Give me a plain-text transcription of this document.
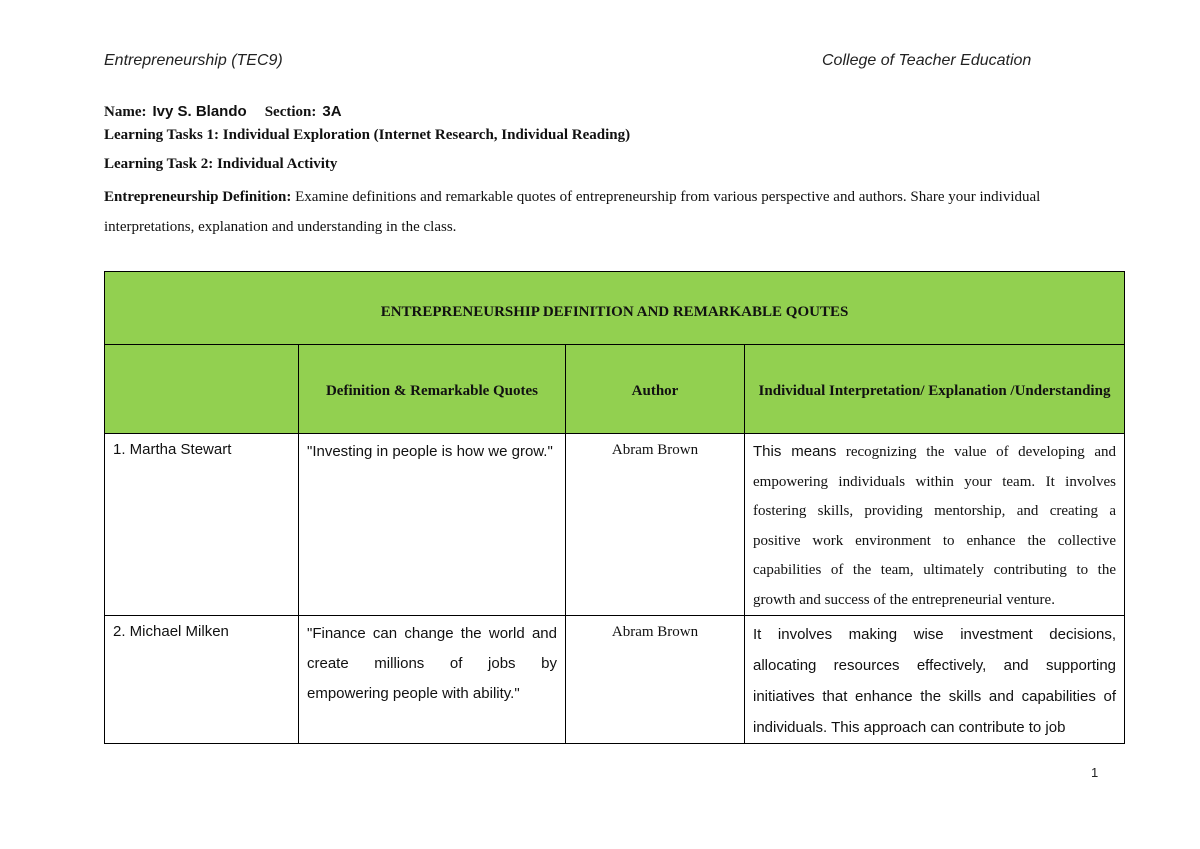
Entrepreneurship (TEC9)	College of Teacher Education
Name: Ivy S. Blando Section: 3A
Learning Tasks 1: Individual Exploration (Internet Research, Individual Reading)
Learning Task 2: Individual Activity
Entrepreneurship Definition: Examine definitions and remarkable quotes of entrepreneurship from various perspective and authors. Share your individual interpretations, explanation and understanding in the class.
ENTREPRENEURSHIP DEFINITION AND REMARKABLE QOUTES			
	Definition & Remarkable Quotes	Author	Individual Interpretation/ Explanation /Understanding
1. Martha Stewart	"Investing in people is how we grow."	Abram Brown	This means recognizing the value of developing and empowering individuals within your team. It involves fostering skills, providing mentorship, and creating a positive work environment to enhance the collective capabilities of the team, ultimately contributing to the growth and success of the entrepreneurial venture.
2. Michael Milken	"Finance can change the world and create millions of jobs by empowering people with ability."	Abram Brown	It involves making wise investment decisions, allocating resources effectively, and supporting initiatives that enhance the skills and capabilities of individuals. This approach can contribute to job
1
